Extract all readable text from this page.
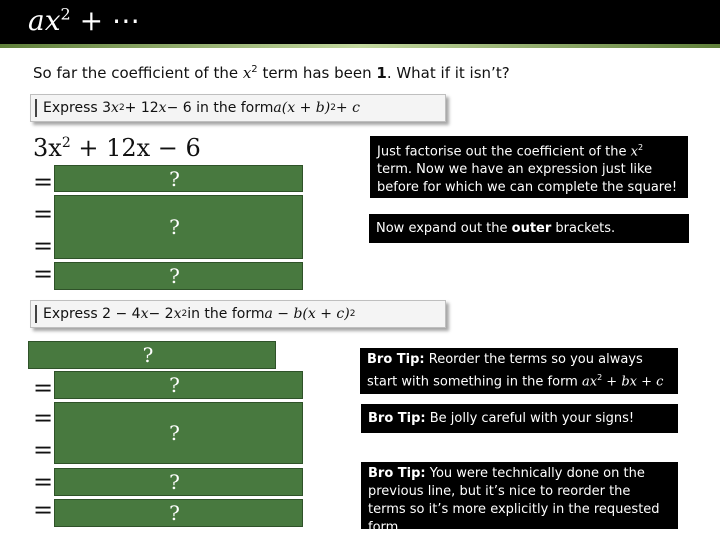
$ax^2$ + ⋯
So far the coefficient of the $x^2$ term has been 1. What if it isn’t?
Express 3 x 2 + 12 x − 6 in the form a (x + b) 2 + c
$3x^2 + 12x - 6$
=
=
=
=
?
?
?
Just factorise out the coefficient of the $x^2$ term. Now we have an expression just like before for which we can complete the square!
Now expand out the outer brackets.
Express 2 − 4 x − 2 x 2 in the form a − b(x + c) 2
?
=
=
=
=
=
?
?
?
?
Bro Tip: Reorder the terms so you always start with something in the form $ax^2$ + bx + c
Bro Tip: Be jolly careful with your signs!
Bro Tip: You were technically done on the previous line, but it’s nice to reorder the terms so it’s more explicitly in the requested form.
